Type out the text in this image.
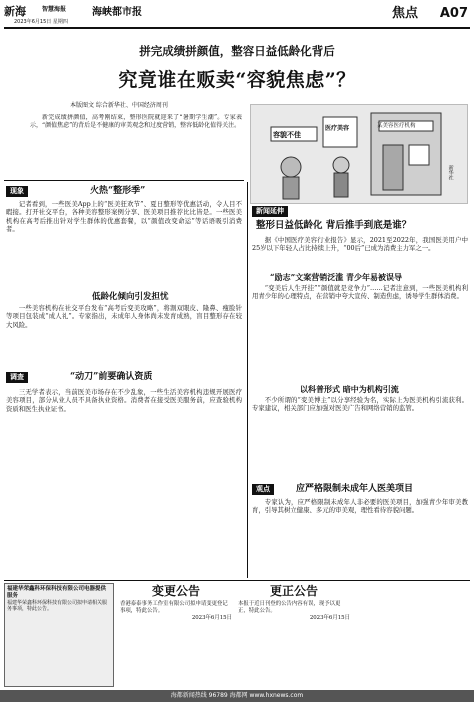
新海	智慧海报	海峡都市报
2023年6月15日 星期四
焦点 A07
拼完成绩拼颜值，整容日益低龄化背后
究竟谁在贩卖“容貌焦虑”？
本版图文 综合新华社、中国经济周刊

新完成绩拼颜值，高考刚结束，整形医院就迎来了“暑期学生潮”。专家表示，“颜值焦虑”的背后是不健康的审美观念和过度营销，整容低龄化值得关注。

容貌不佳
医疗美容	某美容医疗机构
新华社
现象	火热“整形季”

记者看到，一些医美App上的“医美狂欢节”、夏日整形等优惠活动，令人目不暇接。打开社交平台，各种美容整形案例分享、医美项目推荐比比皆是。一些医美机构在高考后推出针对学生群体的优惠套餐，以“颜值改变命运”等话语吸引消费者。

低龄化倾向引发担忧

一些美容机构在社交平台发布“高考后变美攻略”，将割双眼皮、隆鼻、瘦脸针等项目包装成“成人礼”。专家指出，未成年人身体尚未发育成熟，盲目整形存在较大风险。

调查	“动刀”前要确认资质

三无学者表示，当前医美市场存在不少乱象，一些生活美容机构违规开展医疗美容项目，部分从业人员不具备执业资格。消费者在接受医美服务前，应查验机构资质和医生执业证书。

新闻延伸
整形日益低龄化 背后推手到底是谁？

据《中国医疗美容行业报告》显示，2021至2022年，我国医美用户中25岁以下年轻人占比持续上升，“00后”已成为消费主力军之一。

“励志”文案营销泛滥 青少年易被误导

“变美后人生开挂”“颜值就是竞争力”……记者注意到，一些医美机构利用青少年的心理特点，在营销中夸大宣传、制造焦虑，诱导学生群体消费。

以科普形式 暗中为机构引流

不少所谓的“变美博主”以分享经验为名，实际上为医美机构引流获利。专家建议，相关部门应加强对医美广告和网络营销的监管。

观点	应严格限制未成年人医美项目

专家认为，应严格限制未成年人非必要的医美项目，加强青少年审美教育，引导其树立健康、多元的审美观，理性看待容貌问题。

福建华荣鑫科环保科技有限公司电器提供服务
福建华荣鑫科环保科技有限公司拟申请相关服务事项，特此公告。
变更公告
香港泰泰事务工作室有限公司拟申请变更登记事项，特此公告。
2023年6月15日
更正公告
本报于近日刊登的公告内容有误，现予以更正，特此公告。
2023年6月15日
海都新闻热线 96789 海都网 www.hxnews.com
